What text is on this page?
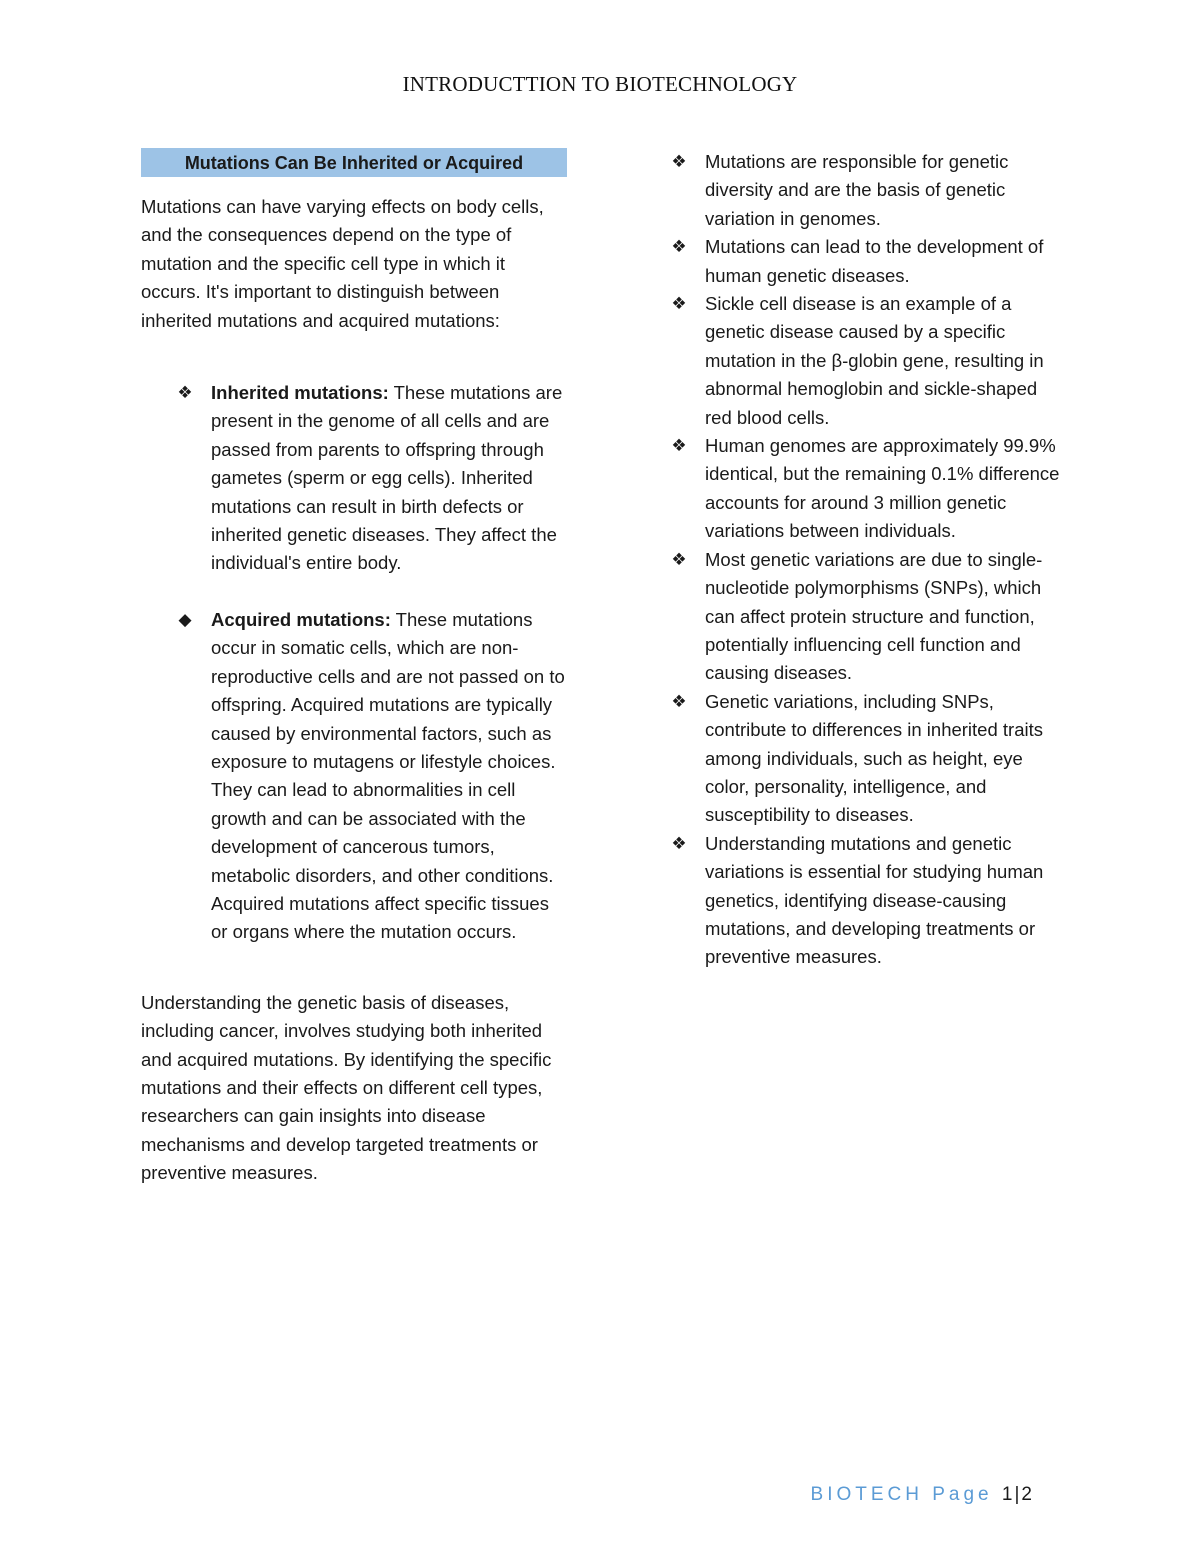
INTRODUCTTION TO BIOTECHNOLOGY
Mutations Can Be Inherited or Acquired

Mutations can have varying effects on body cells, and the consequences depend on the type of mutation and the specific cell type in which it occurs. It's important to distinguish between inherited mutations and acquired mutations:

❖ Inherited mutations: These mutations are present in the genome of all cells and are passed from parents to offspring through gametes (sperm or egg cells). Inherited mutations can result in birth defects or inherited genetic diseases. They affect the individual's entire body.
◆ Acquired mutations: These mutations occur in somatic cells, which are non-reproductive cells and are not passed on to offspring. Acquired mutations are typically caused by environmental factors, such as exposure to mutagens or lifestyle choices. They can lead to abnormalities in cell growth and can be associated with the development of cancerous tumors, metabolic disorders, and other conditions. Acquired mutations affect specific tissues or organs where the mutation occurs.

Understanding the genetic basis of diseases, including cancer, involves studying both inherited and acquired mutations. By identifying the specific mutations and their effects on different cell types, researchers can gain insights into disease mechanisms and develop targeted treatments or preventive measures.

❖ Mutations are responsible for genetic diversity and are the basis of genetic variation in genomes.
❖ Mutations can lead to the development of human genetic diseases.
❖ Sickle cell disease is an example of a genetic disease caused by a specific mutation in the β-globin gene, resulting in abnormal hemoglobin and sickle-shaped red blood cells.
❖ Human genomes are approximately 99.9% identical, but the remaining 0.1% difference accounts for around 3 million genetic variations between individuals.
❖ Most genetic variations are due to single-nucleotide polymorphisms (SNPs), which can affect protein structure and function, potentially influencing cell function and causing diseases.
❖ Genetic variations, including SNPs, contribute to differences in inherited traits among individuals, such as height, eye color, personality, intelligence, and susceptibility to diseases.
❖ Understanding mutations and genetic variations is essential for studying human genetics, identifying disease-causing mutations, and developing treatments or preventive measures.
BIOTECH Page 1|2
